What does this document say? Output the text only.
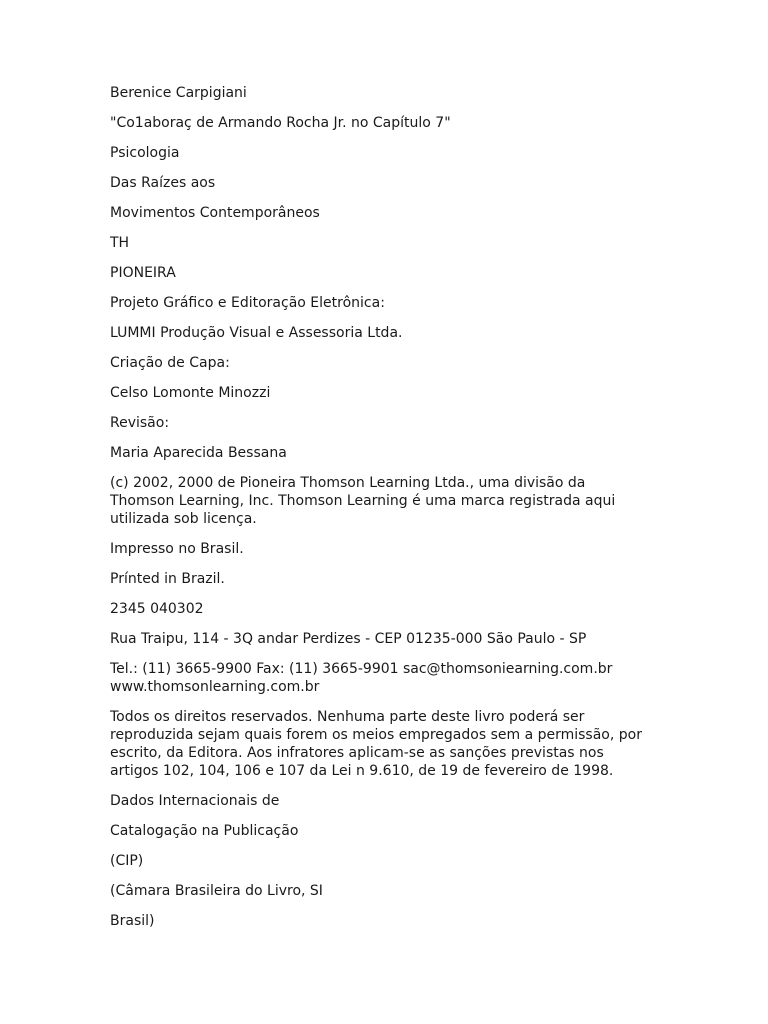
Berenice Carpigiani

"Co1aboraç de Armando Rocha Jr. no Capítulo 7"

Psicologia

Das Raízes aos

Movimentos Contemporâneos

TH

PIONEIRA

Projeto Gráfico e Editoração Eletrônica:

LUMMI Produção Visual e Assessoria Ltda.

Criação de Capa:

Celso Lomonte Minozzi

Revisão:

Maria Aparecida Bessana

(c) 2002, 2000 de Pioneira Thomson Learning Ltda., uma divisão da
Thomson Learning, Inc. Thomson Learning é uma marca registrada aqui
utilizada sob licença.

Impresso no Brasil.

Prínted in Brazil.

2345 040302

Rua Traipu, 114 - 3Q andar Perdizes - CEP 01235-000 São Paulo - SP

Tel.: (11) 3665-9900 Fax: (11) 3665-9901 sac@thomsoniearning.com.br
www.thomsonlearning.com.br

Todos os direitos reservados. Nenhuma parte deste livro poderá ser
reproduzida sejam quais forem os meios empregados sem a permissão, por
escrito, da Editora. Aos infratores aplicam-se as sanções previstas nos
artigos 102, 104, 106 e 107 da Lei n 9.610, de 19 de fevereiro de 1998.

Dados Internacionais de

Catalogação na Publicação

(CIP)

(Câmara Brasileira do Livro, SI

Brasil)
